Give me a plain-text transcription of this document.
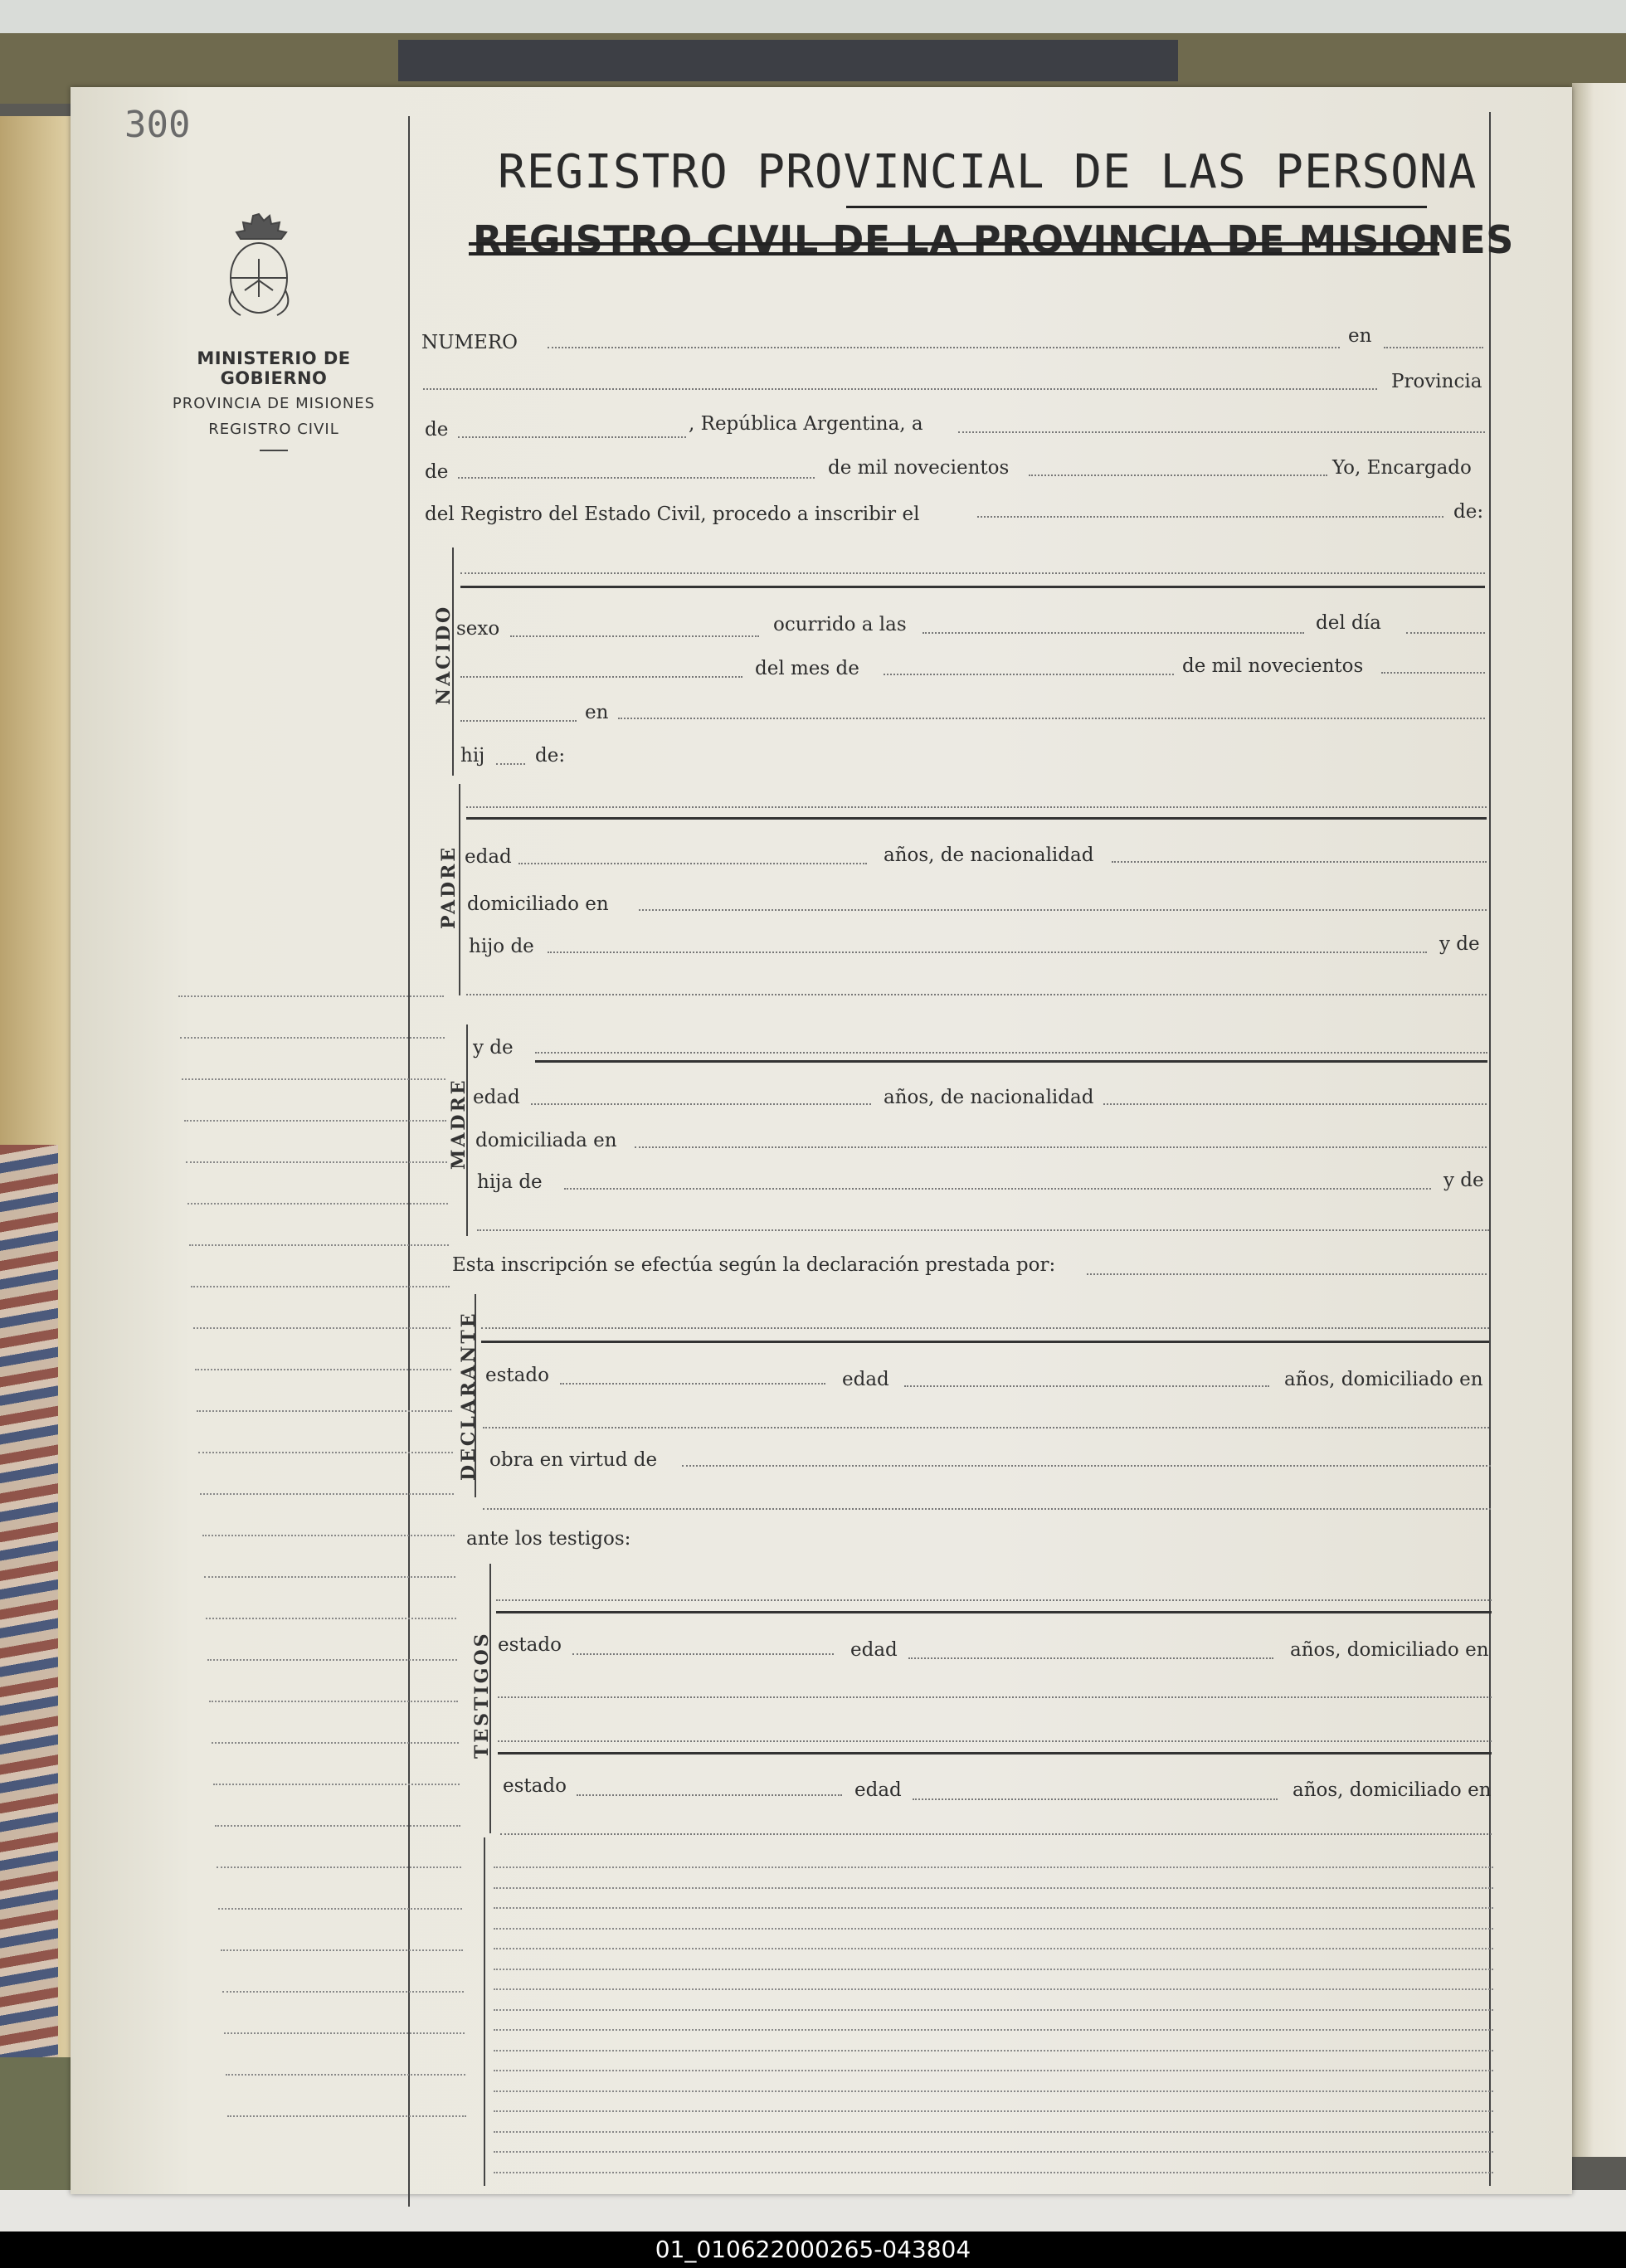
300
MINISTERIO DE GOBIERNO
PROVINCIA DE MISIONES
REGISTRO CIVIL
REGISTRO PROVINCIAL DE LAS PERSONA
REGISTRO CIVIL DE LA PROVINCIA DE MISIONES
NUMERO	en
Provincia
de	, República Argentina, a
de	de mil novecientos	Yo, Encargado
del Registro del Estado Civil, procedo a inscribir el	de:
NACIDO sexo	ocurrido a las	del día
del mes de	de mil novecientos
en
hij	de:
PADRE edad	años, de nacionalidad
domiciliado en
hijo de	y de
MADRE
y de
edad	años, de nacionalidad
domiciliada en
hija de	y de
Esta inscripción se efectúa según la declaración prestada por:
DECLARANTE estado	edad	años, domiciliado en
obra en virtud de
ante los testigos:
TESTIGOS estado	edad	años, domiciliado en
estado	edad	años, domiciliado en
01_010622000265-043804
